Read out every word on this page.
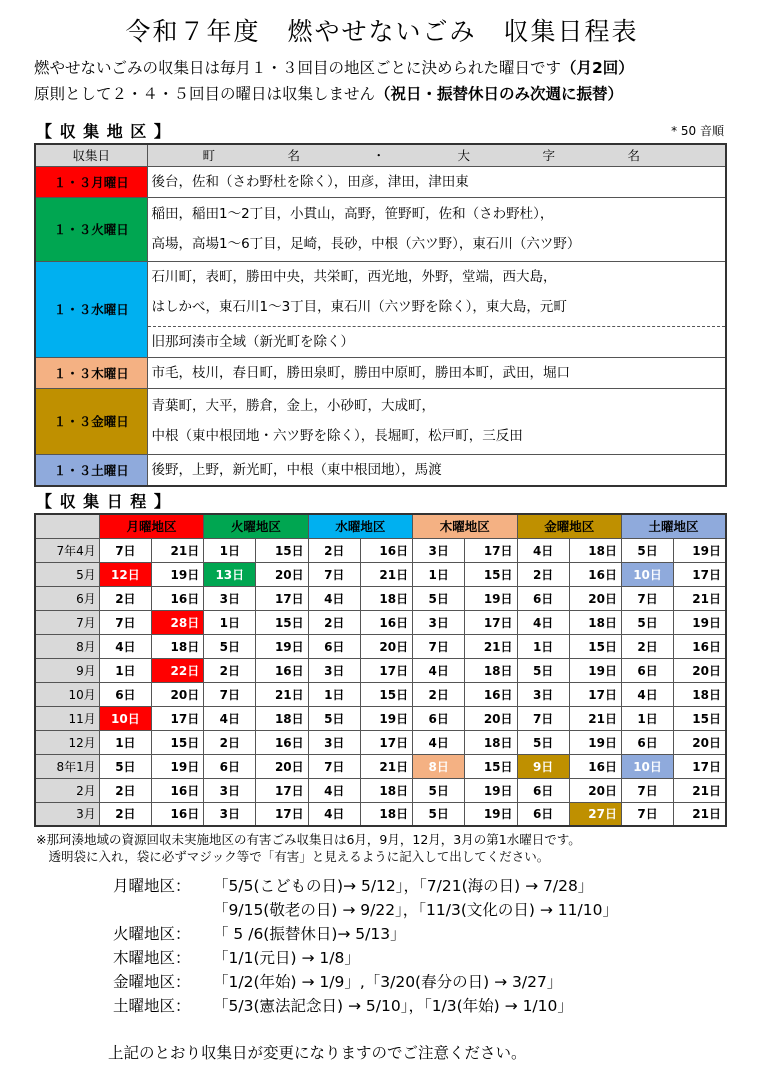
令和７年度　燃やせないごみ　収集日程表
燃やせないごみの収集日は毎月１・３回目の地区ごとに決められた曜日です（月2回）
原則として２・４・５回目の曜日は収集しません（祝日・振替休日のみ次週に振替）
【 収 集 地 区 】	* 50 音順
収集日	町　名　・　大　字　名
１・３月曜日	後台，佐和（さわ野杜を除く），田彦，津田，津田東

１・３火曜日	稲田，稲田1〜2丁目，小貫山，高野，笹野町，佐和（さわ野杜），
高場，高場1〜6丁目，足崎，長砂，中根（六ツ野），東石川（六ツ野）

１・３水曜日	石川町，表町，勝田中央，共栄町，西光地，外野，堂端，西大島，
はしかべ，東石川1〜3丁目，東石川（六ツ野を除く），東大島，元町
旧那珂湊市全域（新光町を除く）

１・３木曜日	市毛，枝川，春日町，勝田泉町，勝田中原町，勝田本町，武田，堀口

１・３金曜日	青葉町，大平，勝倉，金上，小砂町，大成町，
中根（東中根団地・六ツ野を除く），長堀町，松戸町，三反田

１・３土曜日	後野，上野，新光町，中根（東中根団地），馬渡
【 収 集 日 程 】
	月曜地区		火曜地区		水曜地区		木曜地区		金曜地区		土曜地区	
7年4月	7日	21日	1日	15日	2日	16日	3日	17日	4日	18日	5日	19日
5月	12日	19日	13日	20日	7日	21日	1日	15日	2日	16日	10日	17日
6月	2日	16日	3日	17日	4日	18日	5日	19日	6日	20日	7日	21日
7月	7日	28日	1日	15日	2日	16日	3日	17日	4日	18日	5日	19日
8月	4日	18日	5日	19日	6日	20日	7日	21日	1日	15日	2日	16日
9月	1日	22日	2日	16日	3日	17日	4日	18日	5日	19日	6日	20日
10月	6日	20日	7日	21日	1日	15日	2日	16日	3日	17日	4日	18日
11月	10日	17日	4日	18日	5日	19日	6日	20日	7日	21日	1日	15日
12月	1日	15日	2日	16日	3日	17日	4日	18日	5日	19日	6日	20日
8年1月	5日	19日	6日	20日	7日	21日	8日	15日	9日	16日	10日	17日
2月	2日	16日	3日	17日	4日	18日	5日	19日	6日	20日	7日	21日
3月	2日	16日	3日	17日	4日	18日	5日	19日	6日	27日	7日	21日
※那珂湊地域の資源回収未実施地区の有害ごみ収集日は6月，9月，12月，3月の第1水曜日です。
　透明袋に入れ，袋に必ずマジック等で「有害」と見えるように記入して出してください。
月曜地区： 「5/5(こどもの日)→ 5/12」，「7/21(海の日) → 7/28」
「9/15(敬老の日) → 9/22」，「11/3(文化の日) → 11/10」
火曜地区： 「 5 /6(振替休日)→ 5/13」
木曜地区： 「1/1(元日) → 1/8」
金曜地区： 「1/2(年始) → 1/9」,「3/20(春分の日) → 3/27」
土曜地区： 「5/3(憲法記念日) → 5/10」，「1/3(年始) → 1/10」
上記のとおり収集日が変更になりますのでご注意ください。
